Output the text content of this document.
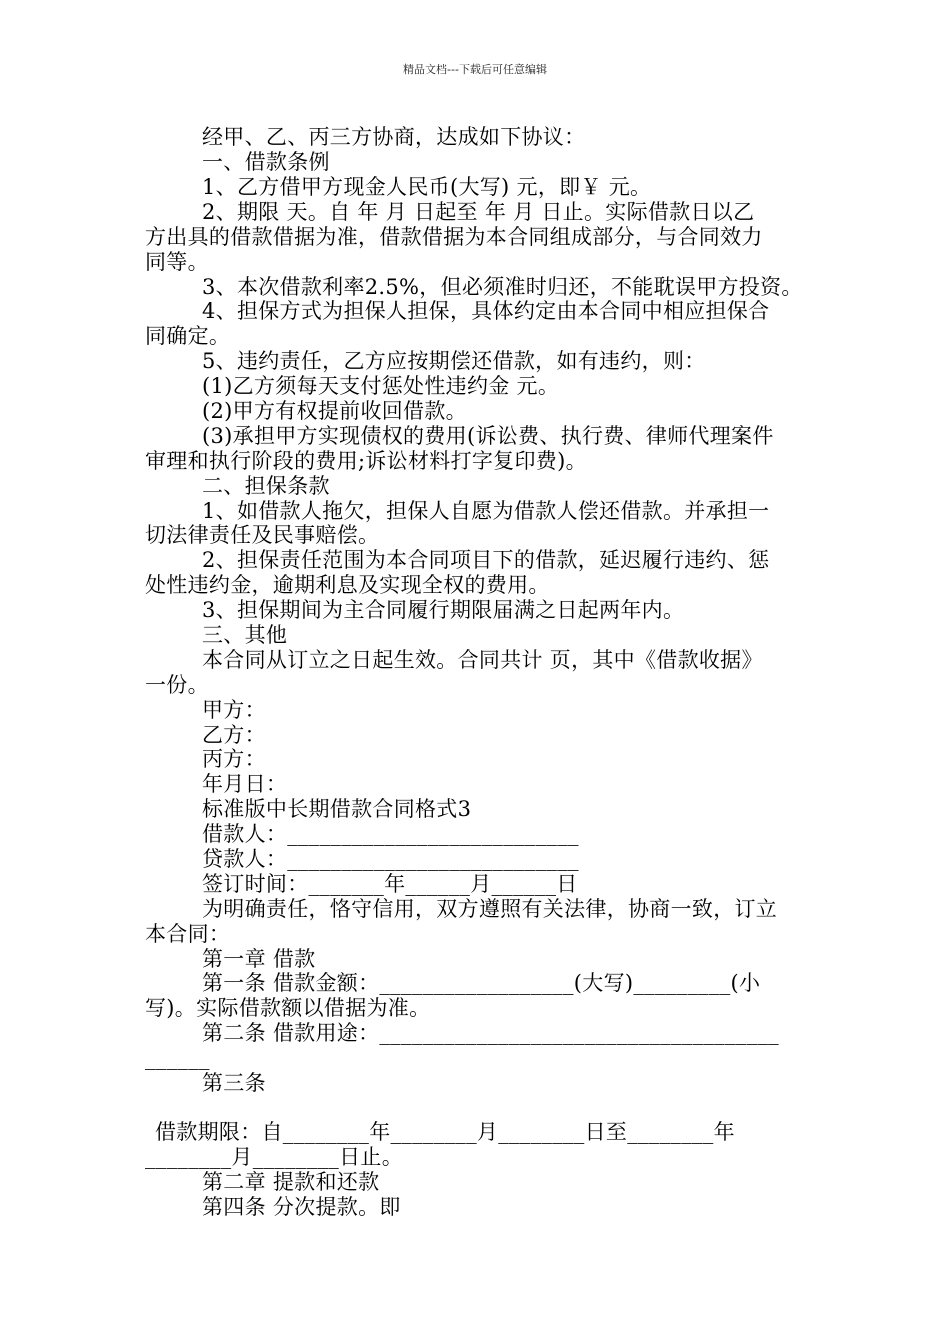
精品文档---下载后可任意编辑
经甲、乙、丙三方协商，达成如下协议：
一、借款条例
1、乙方借甲方现金人民币(大写) 元，即￥ 元。
2、期限 天。自 年 月 日起至 年 月 日止。实际借款日以乙
方出具的借款借据为准，借款借据为本合同组成部分，与合同效力
同等。
3、本次借款利率2.5%，但必须准时归还，不能耽误甲方投资。
4、担保方式为担保人担保，具体约定由本合同中相应担保合
同确定。
5、违约责任，乙方应按期偿还借款，如有违约，则：
(1)乙方须每天支付惩处性违约金 元。
(2)甲方有权提前收回借款。
(3)承担甲方实现债权的费用(诉讼费、执行费、律师代理案件
审理和执行阶段的费用;诉讼材料打字复印费)。
二、担保条款
1、如借款人拖欠，担保人自愿为借款人偿还借款。并承担一
切法律责任及民事赔偿。
2、担保责任范围为本合同项目下的借款，延迟履行违约、惩
处性违约金，逾期利息及实现全权的费用。
3、担保期间为主合同履行期限届满之日起两年内。
三、其他
本合同从订立之日起生效。合同共计 页，其中《借款收据》
一份。
甲方：
乙方：
丙方：
年月日：
标准版中长期借款合同格式3
借款人：___________________________
贷款人：___________________________
签订时间：_______年______月______日
为明确责任，恪守信用，双方遵照有关法律，协商一致，订立
本合同：
第一章 借款
第一条 借款金额：__________________(大写)_________(小
写)。实际借款额以借据为准。
第二条 借款用途：_____________________________________
______
第三条
借款期限：自________年________月________日至________年
________月________日止。
第二章 提款和还款
第四条 分次提款。即
